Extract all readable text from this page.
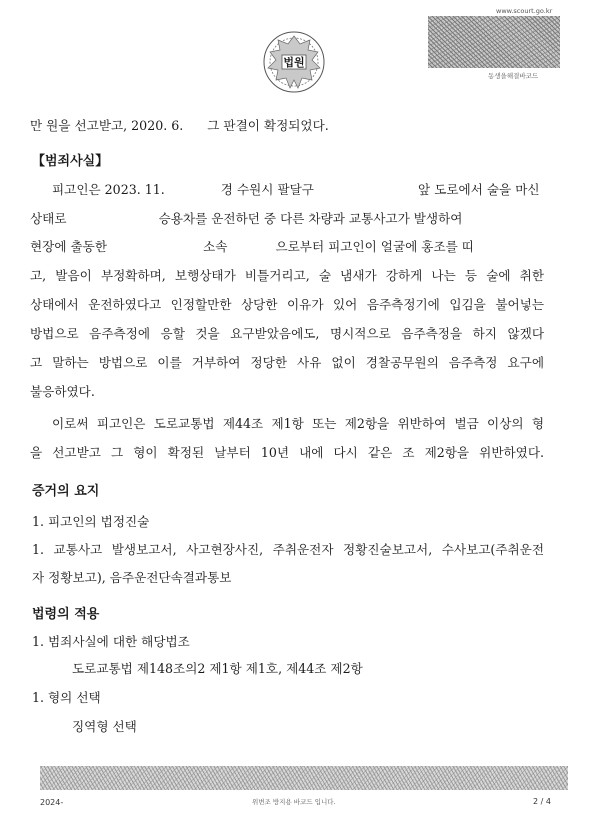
법원
www.scourt.go.kr
동생을해결바코드
만 원을 선고받고, 2020. 6.      그 판결이 확정되었다.
【범죄사실】
피고인은 2023. 11.              경 수원시 팔달구                          앞 도로에서 술을 마신
상태로                       승용차를 운전하던 중 다른 차량과 교통사고가 발생하여
현장에 출동한                        소속            으로부터 피고인이 얼굴에 홍조를 띠
고, 발음이 부정확하며, 보행상태가 비틀거리고, 술 냄새가 강하게 나는 등 술에 취한
상태에서 운전하였다고 인정할만한 상당한 이유가 있어 음주측정기에 입김을 불어넣는
방법으로 음주측정에 응할 것을 요구받았음에도, 명시적으로 음주측정을 하지 않겠다
고 말하는 방법으로 이를 거부하여 정당한 사유 없이 경찰공무원의 음주측정 요구에
불응하였다.
이로써 피고인은 도로교통법 제44조 제1항 또는 제2항을 위반하여 벌금 이상의 형
을 선고받고 그 형이 확정된 날부터 10년 내에 다시 같은 조 제2항을 위반하였다.
증거의 요지
1. 피고인의 법정진술
1. 교통사고 발생보고서, 사고현장사진, 주취운전자 정황진술보고서, 수사보고(주취운전
자 정황보고), 음주운전단속결과통보
법령의 적용
1. 범죄사실에 대한 해당법조
도로교통법 제148조의2 제1항 제1호, 제44조 제2항
1. 형의 선택
징역형 선택
2024-	위변조 방지용 바코드 입니다.	2 / 4
